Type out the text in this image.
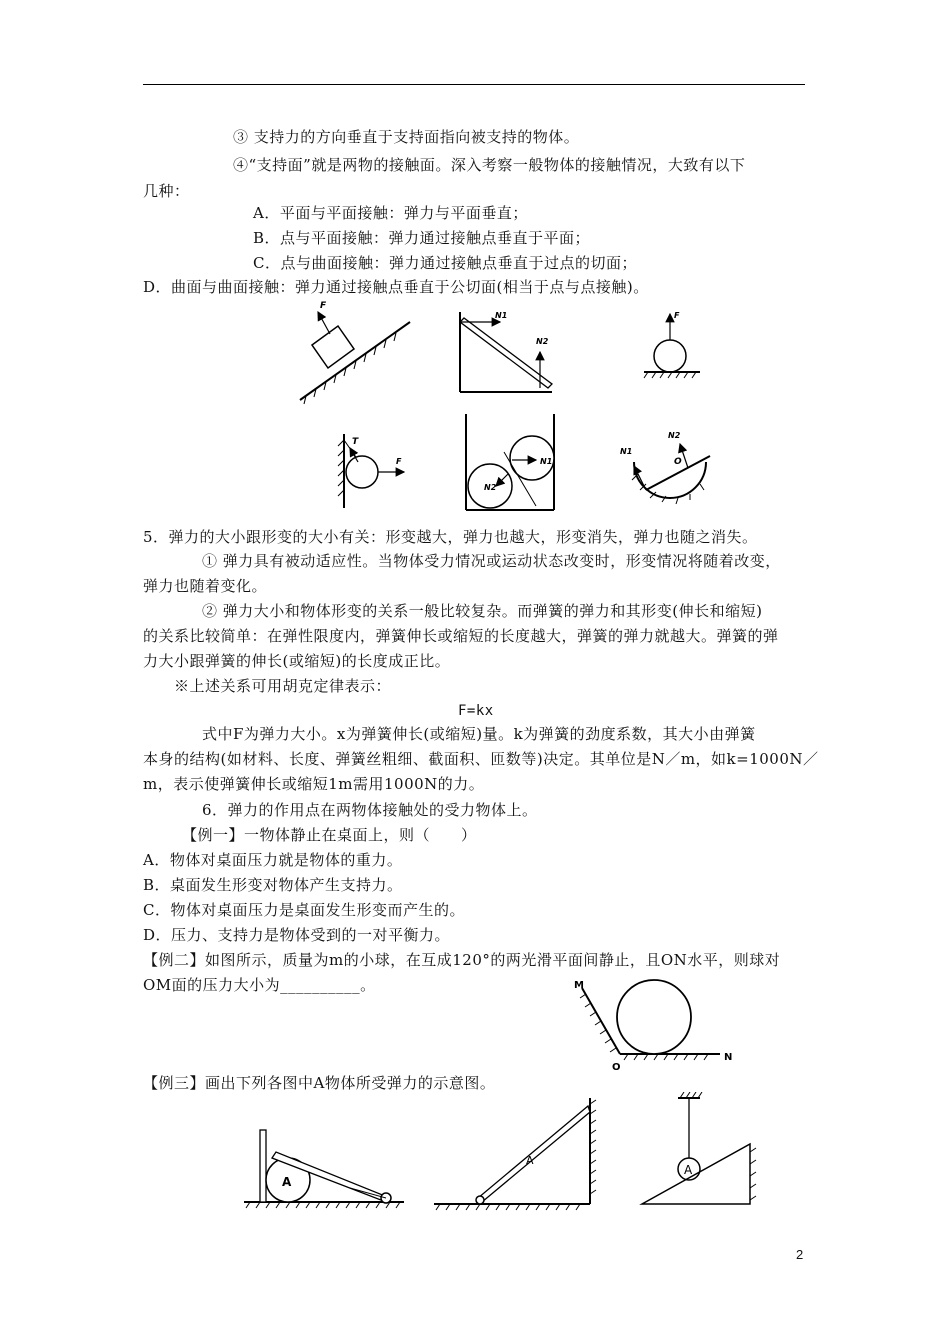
③ 支持力的方向垂直于支持面指向被支持的物体。
④“支持面”就是两物的接触面。深入考察一般物体的接触情况，大致有以下
几种：
A．平面与平面接触：弹力与平面垂直；
B．点与平面接触：弹力通过接触点垂直于平面；
C．点与曲面接触：弹力通过接触点垂直于过点的切面；
D．曲面与曲面接触：弹力通过接触点垂直于公切面(相当于点与点接触)。
F
N1
N2
F
T
F	N1
N2
N1
N2
O
5．弹力的大小跟形变的大小有关：形变越大，弹力也越大，形变消失，弹力也随之消失。
① 弹力具有被动适应性。当物体受力情况或运动状态改变时，形变情况将随着改变，
弹力也随着变化。
② 弹力大小和物体形变的关系一般比较复杂。而弹簧的弹力和其形变(伸长和缩短)
的关系比较简单：在弹性限度内，弹簧伸长或缩短的长度越大，弹簧的弹力就越大。弹簧的弹
力大小跟弹簧的伸长(或缩短)的长度成正比。
※上述关系可用胡克定律表示：
F=kx
式中F为弹力大小。x为弹簧伸长(或缩短)量。k为弹簧的劲度系数，其大小由弹簧
本身的结构(如材料、长度、弹簧丝粗细、截面积、匝数等)决定。其单位是N／m，如k=1000N／
m，表示使弹簧伸长或缩短1m需用1000N的力。
6．弹力的作用点在两物体接触处的受力物体上。
【例一】一物体静止在桌面上，则（　　）
A．物体对桌面压力就是物体的重力。
B．桌面发生形变对物体产生支持力。
C．物体对桌面压力是桌面发生形变而产生的。
D．压力、支持力是物体受到的一对平衡力。
【例二】如图所示，质量为m的小球，在互成120°的两光滑平面间静止，且ON水平，则球对
OM面的压力大小为__________。	M
O
N
【例三】画出下列各图中A物体所受弹力的示意图。
A
A
A
2
